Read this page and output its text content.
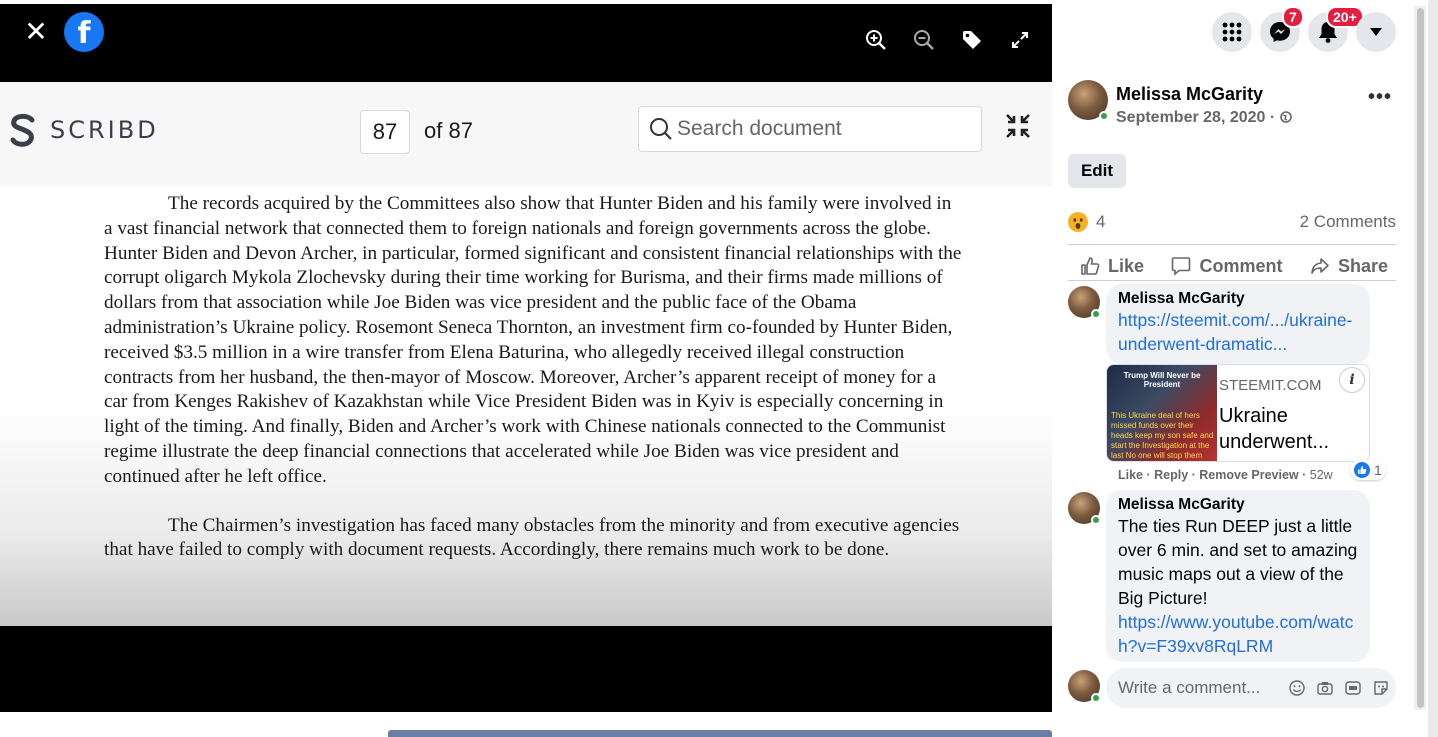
✕ f
SCRIBD	87	of 87
Search document

The records acquired by the Committees also show that Hunter Biden and his family were involved in a vast financial network that connected them to foreign nationals and foreign governments across the globe. Hunter Biden and Devon Archer, in particular, formed significant and consistent financial relationships with the corrupt oligarch Mykola Zlochevsky during their time working for Burisma, and their firms made millions of dollars from that association while Joe Biden was vice president and the public face of the Obama administration’s Ukraine policy. Rosemont Seneca Thornton, an investment firm co-founded by Hunter Biden, received $3.5 million in a wire transfer from Elena Baturina, who allegedly received illegal construction contracts from her husband, the then-mayor of Moscow. Moreover, Archer’s apparent receipt of money for a car from Kenges Rakishev of Kazakhstan while Vice President Biden was in Kyiv is especially concerning in light of the timing. And finally, Biden and Archer’s work with Chinese nationals connected to the Communist regime illustrate the deep financial connections that accelerated while Joe Biden was vice president and continued after he left office.

The Chairmen’s investigation has faced many obstacles from the minority and from executive agencies that have failed to comply with document requests. Accordingly, there remains much work to be done.

7	20+
Melissa McGarity
September 28, 2020 ·
•••
Edit
4	2 Comments
Like	Comment	Share
Melissa McGarity
https://steemit.com/.../ukraine-underwent-dramatic...
Trump Will Never be President
This Ukraine deal of hers missed funds over their heads keep my son safe and start the Investigation at the last No one will stop them
STEEMIT.COM
Ukraine underwent...
i
Like · Reply · Remove Preview · 52w	1
Melissa McGarity
The ties Run DEEP just a little over 6 min. and set to amazing music maps out a view of the Big Picture!
https://www.youtube.com/watch?v=F39xv8RqLRM
Write a comment...
